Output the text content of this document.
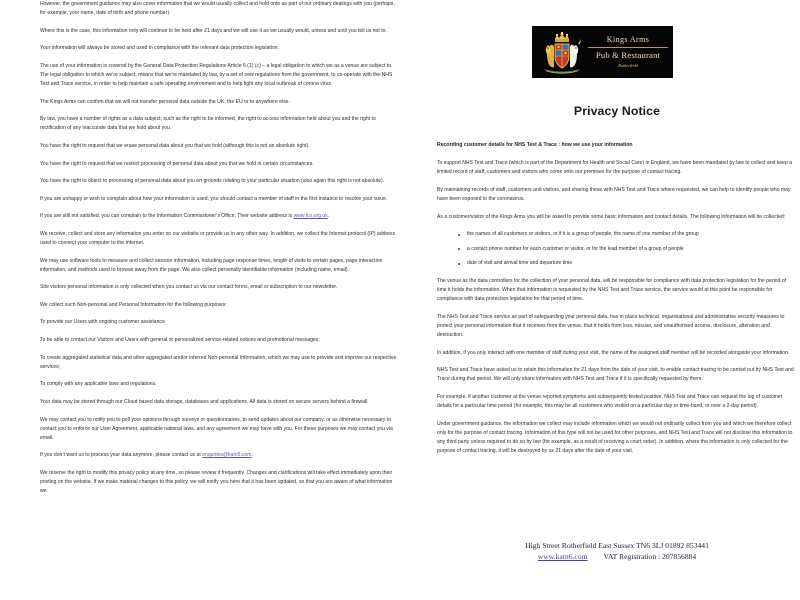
However, the government guidance may also cover information that we would usually collect and hold onto as part of our ordinary dealings with you (perhaps, for example, your name, date of birth and phone number).

Where this is the case, this information only will continue to be held after 21 days and we will use it as we usually would, unless and until you tell us not to.

Your information will always be stored and used in compliance with the relevant data protection legislation.

The use of your information is covered by the General Data Protection Regulations Article 6 (1) (c) – a legal obligation to which we as a venue are subject to. The legal obligation to which we’re subject, means that we’re mandated by law, by a set of new regulations from the government, to co-operate with the NHS Test and Trace service, in order to help maintain a safe operating environment and to help fight any local outbreak of corona virus.

The Kings Arms can confirm that we will not transfer personal data outside the UK, the EU or to anywhere else.

By law, you have a number of rights as a data subject, such as the right to be informed, the right to access information held about you and the right to rectification of any inaccurate data that we hold about you.

You have the right to request that we erase personal data about you that we hold (although this is not an absolute right).

You have the right to request that we restrict processing of personal data about you that we hold in certain circumstances.

You have the right to object to processing of personal data about you on grounds relating to your particular situation (also again this right is not absolute).

If you are unhappy or wish to complain about how your information is used, you should contact a member of staff in the first instance to resolve your issue.

If you are still not satisfied, you can complain to the Information Commissioner’s Office. Their website address is www.ico.org.uk.

We receive, collect and store any information you enter on our website or provide us in any other way. In addition, we collect the Internet protocol (IP) address used to connect your computer to the Internet.

We may use software tools to measure and collect session information, including page response times, length of visits to certain pages, page interaction information, and methods used to browse away from the page. We also collect personally identifiable information (including name, email).

Site visitors personal information is only collected when you contact us via our contact forms, email or subscription to our newsletter.

We collect such Non-personal and Personal Information for the following purposes:

To provide our Users with ongoing customer assistance

To be able to contact our Visitors and Users with general or personalized service-related notices and promotional messages;

To create aggregated statistical data and other aggregated and/or inferred Non-personal Information, which we may use to provide and improve our respective services;

To comply with any applicable laws and regulations.

Your data may be stored through our Cloud based data storage, databases and applications. All data is stored on secure servers behind a firewall.

We may contact you to notify you to poll your opinions through surveys or questionnaires, to send updates about our company, or as otherwise necessary to contact you to enforce our User Agreement, applicable national laws, and any agreement we may have with you. For these purposes we may contact you via email.

If you don’t want us to process your data anymore, please contact us at enquiries@katn6.com.

We reserve the right to modify this privacy policy at any time, so please review it frequently. Changes and clarifications will take effect immediately upon their posting on the website. If we make material changes to this policy, we will notify you here that it has been updated, so that you are aware of what information we

Privacy Notice

Recording customer details for NHS Test & Trace : how we use your information

To support NHS Test and Trace (which is part of the Department for Health and Social Care) in England, we have been mandated by law to collect and keep a limited record of staff, customers and visitors who come onto our premises for the purpose of contact tracing.

By maintaining records of staff, customers and visitors, and sharing these with NHS Test and Trace where requested, we can help to identify people who may have been exposed to the coronavirus.

As a customer/visitor of the Kings Arms you will be asked to provide some basic information and contact details. The following information will be collected:

the names of all customers or visitors, or if it is a group of people, the name of one member of the group
a contact phone number for each customer or visitor, or for the lead member of a group of people
date of visit and arrival time and departure time

The venue as the data controllers for the collection of your personal data, will be responsible for compliance with data protection legislation for the period of time it holds the information. When that information is requested by the NHS Test and Trace service, the service would at this point be responsible for compliance with data protection legislation for that period of time.

The NHS Test and Trace service as part of safeguarding your personal data, has in place technical, organisational and administrative security measures to protect your personal information that it receives from the venue, that it holds from loss, misuse, and unauthorised access, disclosure, alteration and destruction.

In addition, if you only interact with one member of staff during your visit, the name of the assigned staff member will be recorded alongside your information.

NHS Test and Trace have asked us to retain this information for 21 days from the date of your visit, to enable contact tracing to be carried out by NHS Test and Trace during that period. We will only share information with NHS Test and Trace if it is specifically requested by them.

For example, if another customer at the venue reported symptoms and subsequently tested positive, NHS Test and Trace can request the log of customer details for a particular time period (for example, this may be all customers who visited on a particular day or time-band, or over a 2-day period).

Under government guidance, the information we collect may include information which we would not ordinarily collect from you and which we therefore collect only for the purpose of contact tracing. Information of this type will not be used for other purposes, and NHS Test and Trace will not disclose this information to any third party unless required to do so by law (for example, as a result of receiving a court order). In addition, where the information is only collected for the purpose of contact tracing, it will be destroyed by us 21 days after the date of your visit.

Kings Arms
Pub & Restaurant
Rotherfield
High Street Rotherfield East Sussex TN6 3LJ 01892 853441
www.katn6.com VAT Registration : 207856884
